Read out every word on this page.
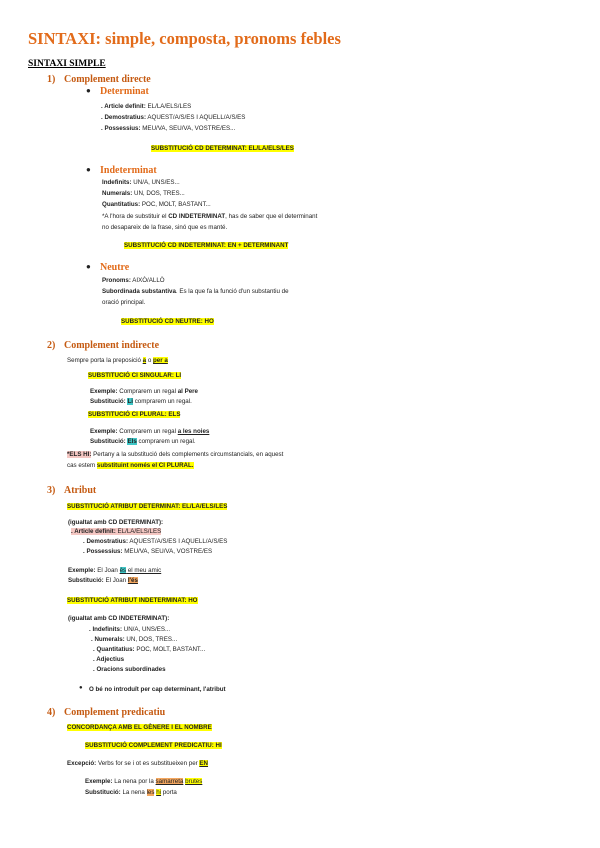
SINTAXI: simple, composta, pronoms febles
SINTAXI SIMPLE
1) Complement directe
● Determinat
. Article definit: EL/LA/ELS/LES
. Demostratius: AQUEST/A/S/ES I AQUELL/A/S/ES
. Possessius: MEU/VA, SEU/VA, VOSTRE/ES...
SUBSTITUCIÓ CD DETERMINAT: EL/LA/ELS/LES
● Indeterminat
Indefinits: UN/A, UNS/ES...
Numerals: UN, DOS, TRES...
Quantitatius: POC, MOLT, BASTANT...
*A l'hora de substituir el CD INDETERMINAT, has de saber que el determinant
no desapareix de la frase, sinó que es manté.
SUBSTITUCIÓ CD INDETERMINAT: EN + DETERMINANT
● Neutre
Pronoms: AIXÒ/ALLÒ
Subordinada substantiva. Es la que fa la funció d'un substantiu de
oració principal.
SUBSTITUCIÓ CD NEUTRE: HO
2) Complement indirecte
Sempre porta la preposició a o per a
SUBSTITUCIÓ CI SINGULAR: LI
Exemple: Comprarem un regal al Pere
Substitució: Li comprarem un regal.
SUBSTITUCIÓ CI PLURAL: ELS
Exemple: Comprarem un regal a les noies
Substitució: Els comprarem un regal.
*ELS HI: Pertany a la substitució dels complements circumstancials, en aquest
cas estem substituint només el CI PLURAL.
3) Atribut
SUBSTITUCIÓ ATRIBUT DETERMINAT: EL/LA/ELS/LES
(igualtat amb CD DETERMINAT):
. Article definit: EL/LA/ELS/LES
. Demostratius: AQUEST/A/S/ES I AQUELL/A/S/ES
. Possessius: MEU/VA, SEU/VA, VOSTRE/ES
Exemple: El Joan és el meu amic
Substitució: El Joan l'és
SUBSTITUCIÓ ATRIBUT INDETERMINAT: HO
(igualtat amb CD INDETERMINAT):
. Indefinits: UN/A, UNS/ES...
. Numerals: UN, DOS, TRES...
. Quantitatius: POC, MOLT, BASTANT...
. Adjectius
. Oracions subordinades
● O bé no introduït per cap determinant, l'atribut
4) Complement predicatiu
CONCORDANÇA AMB EL GÈNERE I EL NOMBRE
SUBSTITUCIÓ COMPLEMENT PREDICATIU: HI
Excepció: Verbs for se i ot es substitueixen per EN
Exemple: La nena por la samarreta brutes
Substitució: La nena les hi porta
